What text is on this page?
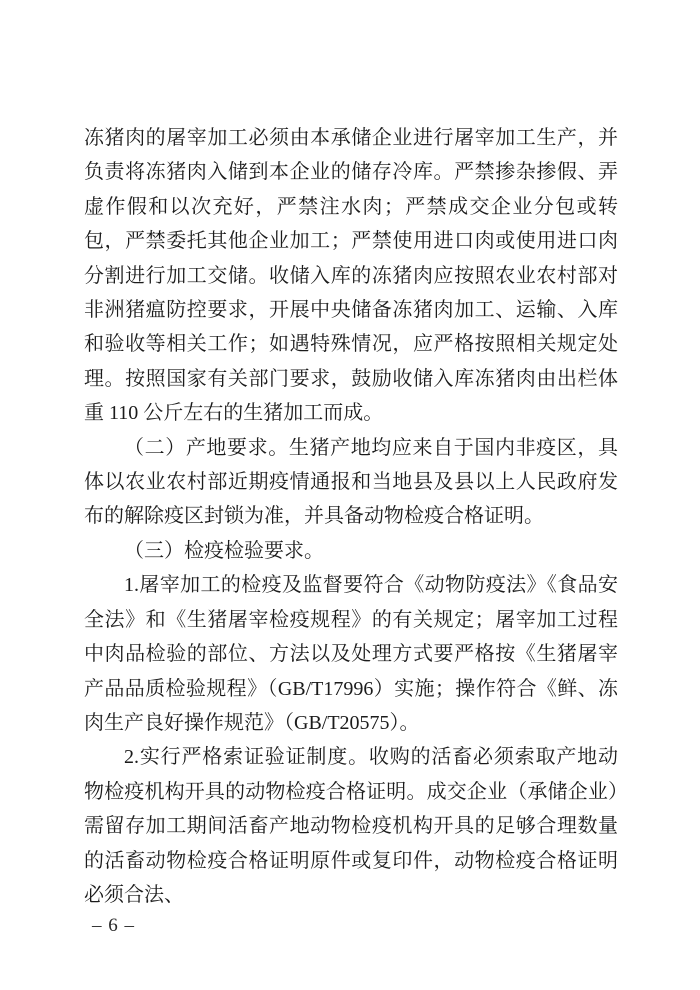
冻猪肉的屠宰加工必须由本承储企业进行屠宰加工生产，并负责将冻猪肉入储到本企业的储存冷库。严禁掺杂掺假、弄虚作假和以次充好，严禁注水肉；严禁成交企业分包或转包，严禁委托其他企业加工；严禁使用进口肉或使用进口肉分割进行加工交储。收储入库的冻猪肉应按照农业农村部对非洲猪瘟防控要求，开展中央储备冻猪肉加工、运输、入库和验收等相关工作；如遇特殊情况，应严格按照相关规定处理。按照国家有关部门要求，鼓励收储入库冻猪肉由出栏体重 110 公斤左右的生猪加工而成。

（二）产地要求。生猪产地均应来自于国内非疫区，具体以农业农村部近期疫情通报和当地县及县以上人民政府发布的解除疫区封锁为准，并具备动物检疫合格证明。

（三）检疫检验要求。

1.屠宰加工的检疫及监督要符合《动物防疫法》《食品安全法》和《生猪屠宰检疫规程》的有关规定；屠宰加工过程中肉品检验的部位、方法以及处理方式要严格按《生猪屠宰产品品质检验规程》（GB/T17996）实施；操作符合《鲜、冻肉生产良好操作规范》（GB/T20575）。

2.实行严格索证验证制度。收购的活畜必须索取产地动物检疫机构开具的动物检疫合格证明。成交企业（承储企业）需留存加工期间活畜产地动物检疫机构开具的足够合理数量的活畜动物检疫合格证明原件或复印件，动物检疫合格证明必须合法、

– 6 –
